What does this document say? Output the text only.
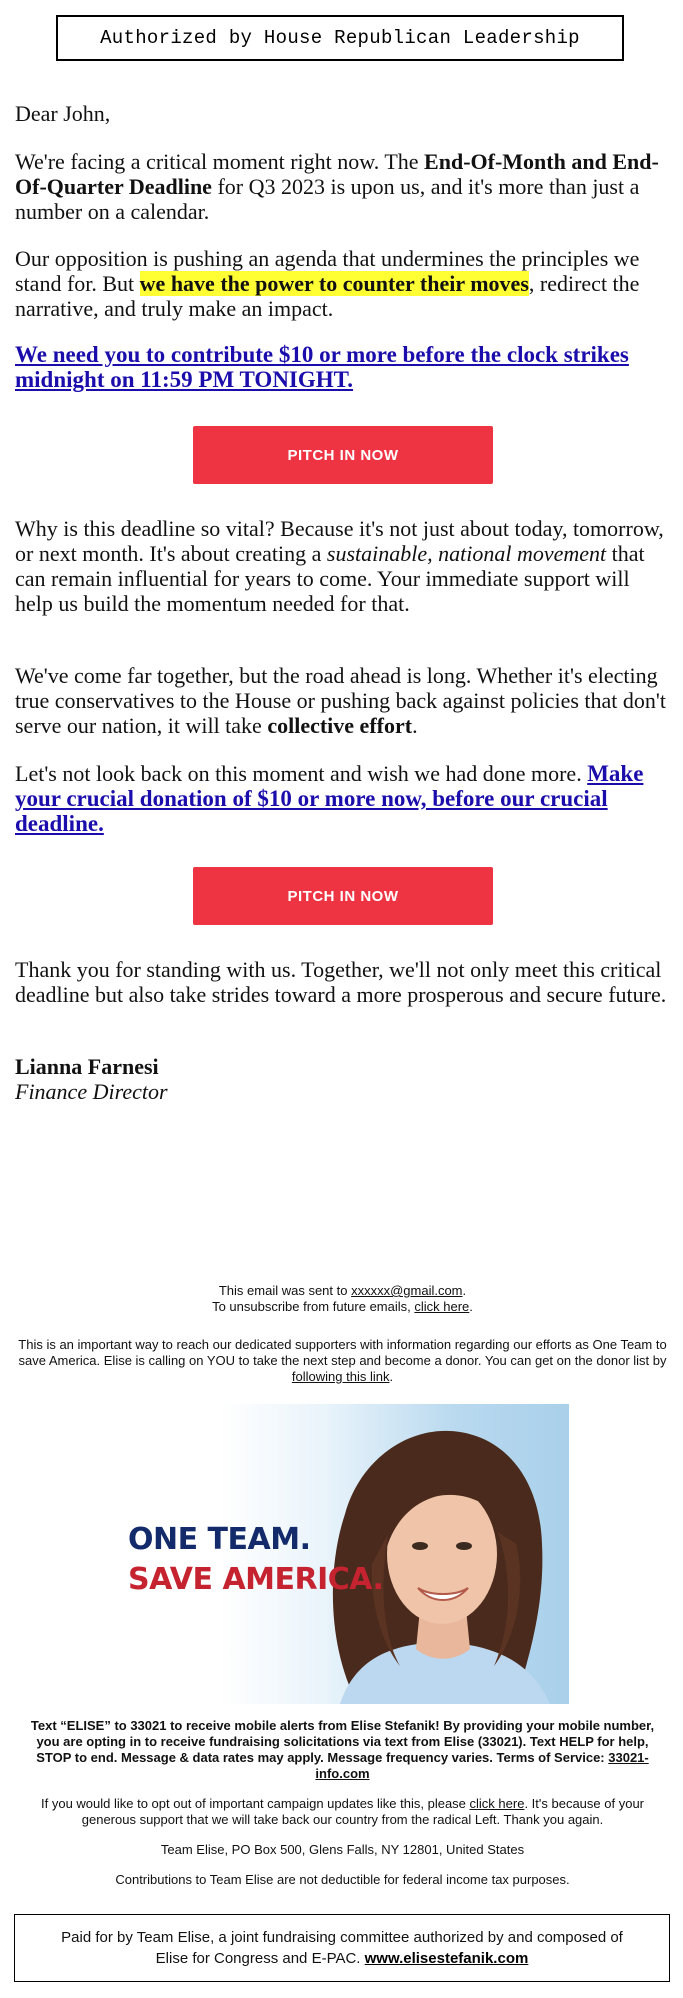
Authorized by House Republican Leadership

Dear John,

We're facing a critical moment right now. The End-Of-Month and End-Of-Quarter Deadline for Q3 2023 is upon us, and it's more than just a number on a calendar.

Our opposition is pushing an agenda that undermines the principles we stand for. But we have the power to counter their moves, redirect the narrative, and truly make an impact.

We need you to contribute $10 or more before the clock strikes midnight on 11:59 PM TONIGHT.

PITCH IN NOW

Why is this deadline so vital? Because it's not just about today, tomorrow, or next month. It's about creating a sustainable, national movement that can remain influential for years to come. Your immediate support will help us build the momentum needed for that.

We've come far together, but the road ahead is long. Whether it's electing true conservatives to the House or pushing back against policies that don't serve our nation, it will take collective effort.

Let's not look back on this moment and wish we had done more. Make your crucial donation of $10 or more now, before our crucial deadline.

PITCH IN NOW

Thank you for standing with us. Together, we'll not only meet this critical deadline but also take strides toward a more prosperous and secure future.

Lianna Farnesi

Finance Director

This email was sent to xxxxxx@gmail.com.

To unsubscribe from future emails, click here.

This is an important way to reach our dedicated supporters with information regarding our efforts as One Team to save America. Elise is calling on YOU to take the next step and become a donor. You can get on the donor list by following this link.

ONE TEAM.
SAVE AMERICA.

Text “ELISE” to 33021 to receive mobile alerts from Elise Stefanik! By providing your mobile number, you are opting in to receive fundraising solicitations via text from Elise (33021). Text HELP for help, STOP to end. Message & data rates may apply. Message frequency varies. Terms of Service: 33021-info.com

If you would like to opt out of important campaign updates like this, please click here. It's because of your generous support that we will take back our country from the radical Left. Thank you again.

Team Elise, PO Box 500, Glens Falls, NY 12801, United States

Contributions to Team Elise are not deductible for federal income tax purposes.

Paid for by Team Elise, a joint fundraising committee authorized by and composed of Elise for Congress and E-PAC. www.elisestefanik.com
